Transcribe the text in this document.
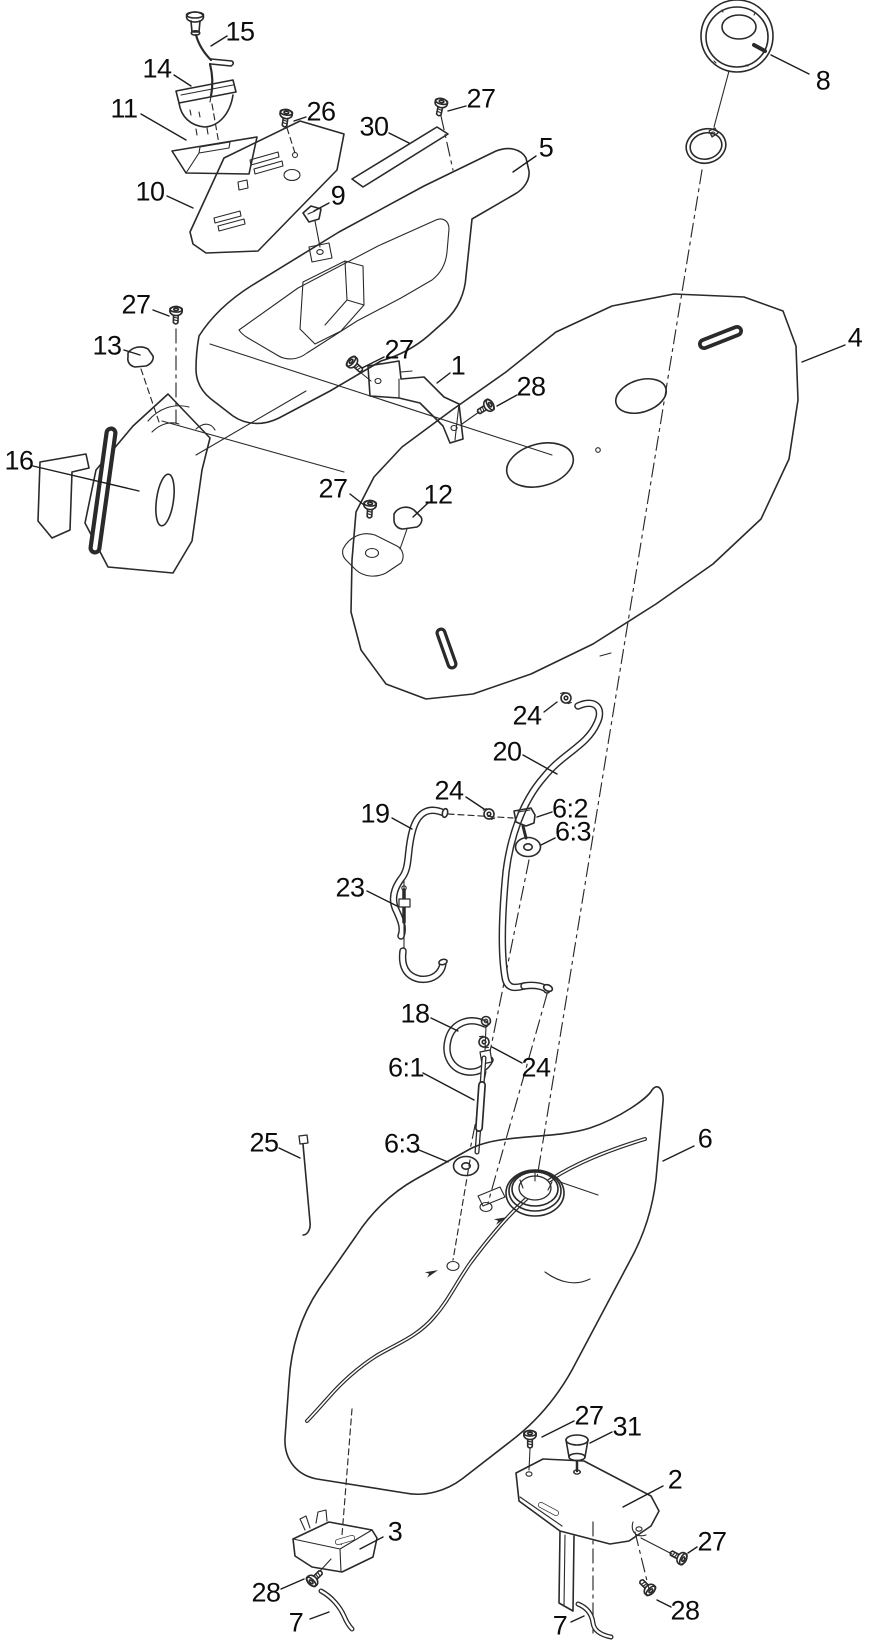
15
14
11	26	27
30
5
8
10	9
27
13	27
1
28
4
16
27	12
24
20
24
19	6:2
6:3
23
18
24
6:1
25	6:3	6
27 31
2
27
28
7
3
28
7
